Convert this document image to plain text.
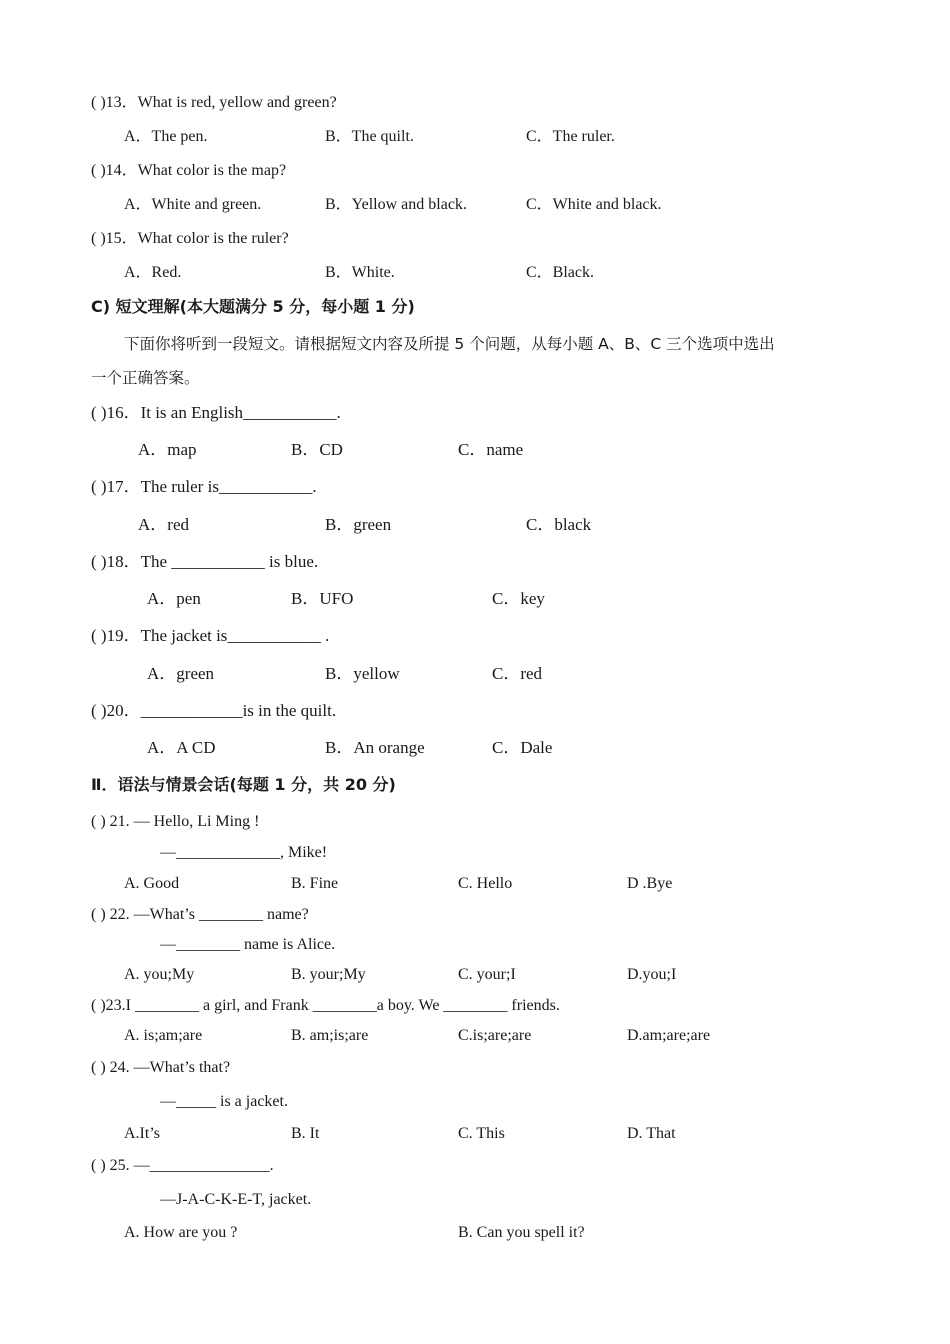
( )13．What is red, yellow and green?
A．The pen.	B．The quilt.	C．The ruler.
( )14．What color is the map?
A．White and green.	B．Yellow and black.	C．White and black.
( )15．What color is the ruler?
A．Red.	B．White.	C．Black.
C) 短文理解(本大题满分 5 分，每小题 1 分)
下面你将听到一段短文。请根据短文内容及所提 5 个问题，从每小题 A、B、C 三个选项中选出
一个正确答案。
( )16．It is an English___________.
A．map	B．CD	C．name
( )17．The ruler is___________.
A．red	B．green	C．black
( )18．The ___________ is blue.
A．pen	B．UFO	C．key
( )19．The jacket is___________ .
A．green	B．yellow	C．red
( )20．____________is in the quilt.
A．A CD	B．An orange	C．Dale
Ⅱ．语法与情景会话(每题 1 分，共 20 分)
( ) 21. — Hello, Li Ming !
—_____________, Mike!
A. Good	B. Fine	C. Hello	D .Bye
( ) 22. —What’s ________ name?
—________ name is Alice.
A. you;My	B. your;My	C. your;I	D.you;I
( )23.I ________ a girl, and Frank ________a boy. We ________ friends.
A. is;am;are	B. am;is;are	C.is;are;are	D.am;are;are
( ) 24. —What’s that?
—_____ is a jacket.
A.It’s	B. It	C. This	D. That
( ) 25. —_______________.
—J-A-C-K-E-T, jacket.
A. How are you ?	B. Can you spell it?
